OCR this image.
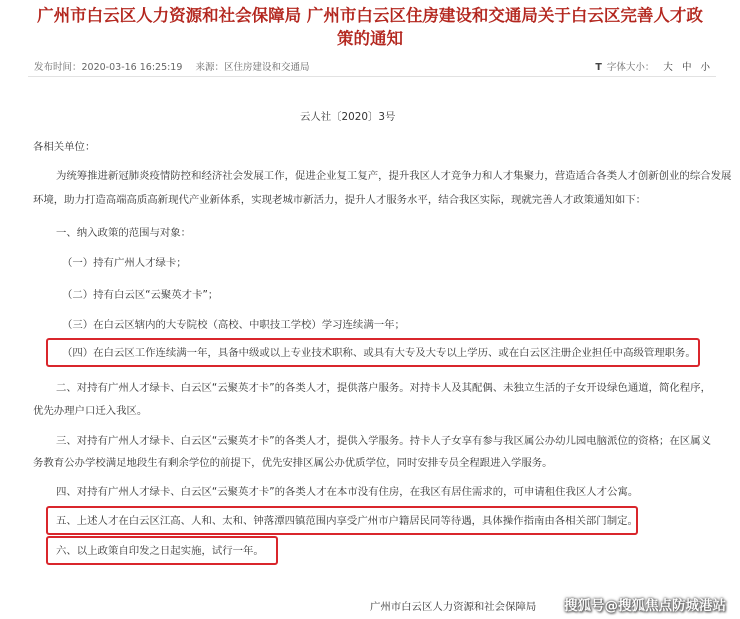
广州市白云区人力资源和社会保障局 广州市白云区住房建设和交通局关于白云区完善人才政
策的通知
发布时间：2020-03-16 16:25:19 来源：区住房建设和交通局	T 字体大小： 大 中 小
云人社〔2020〕3号
各相关单位：
为统筹推进新冠肺炎疫情防控和经济社会发展工作，促进企业复工复产，提升我区人才竞争力和人才集聚力，营造适合各类人才创新创业的综合发展
环境，助力打造高端高质高新现代产业新体系，实现老城市新活力，提升人才服务水平，结合我区实际，现就完善人才政策通知如下：
一、纳入政策的范围与对象：
（一）持有广州人才绿卡；
（二）持有白云区“云聚英才卡”；
（三）在白云区辖内的大专院校（高校、中职技工学校）学习连续满一年；
（四）在白云区工作连续满一年，具备中级或以上专业技术职称、或具有大专及大专以上学历、或在白云区注册企业担任中高级管理职务。
二、对持有广州人才绿卡、白云区“云聚英才卡”的各类人才，提供落户服务。对持卡人及其配偶、未独立生活的子女开设绿色通道，简化程序，
优先办理户口迁入我区。
三、对持有广州人才绿卡、白云区“云聚英才卡”的各类人才，提供入学服务。持卡人子女享有参与我区属公办幼儿园电脑派位的资格；在区属义
务教育公办学校满足地段生有剩余学位的前提下，优先安排区属公办优质学位，同时安排专员全程跟进入学服务。
四、对持有广州人才绿卡、白云区“云聚英才卡”的各类人才在本市没有住房，在我区有居住需求的，可申请租住我区人才公寓。
五、上述人才在白云区江高、人和、太和、钟落潭四镇范围内享受广州市户籍居民同等待遇，具体操作指南由各相关部门制定。
六、以上政策自印发之日起实施，试行一年。
广州市白云区人力资源和社会保障局 搜狐号@搜狐焦点防城港站
